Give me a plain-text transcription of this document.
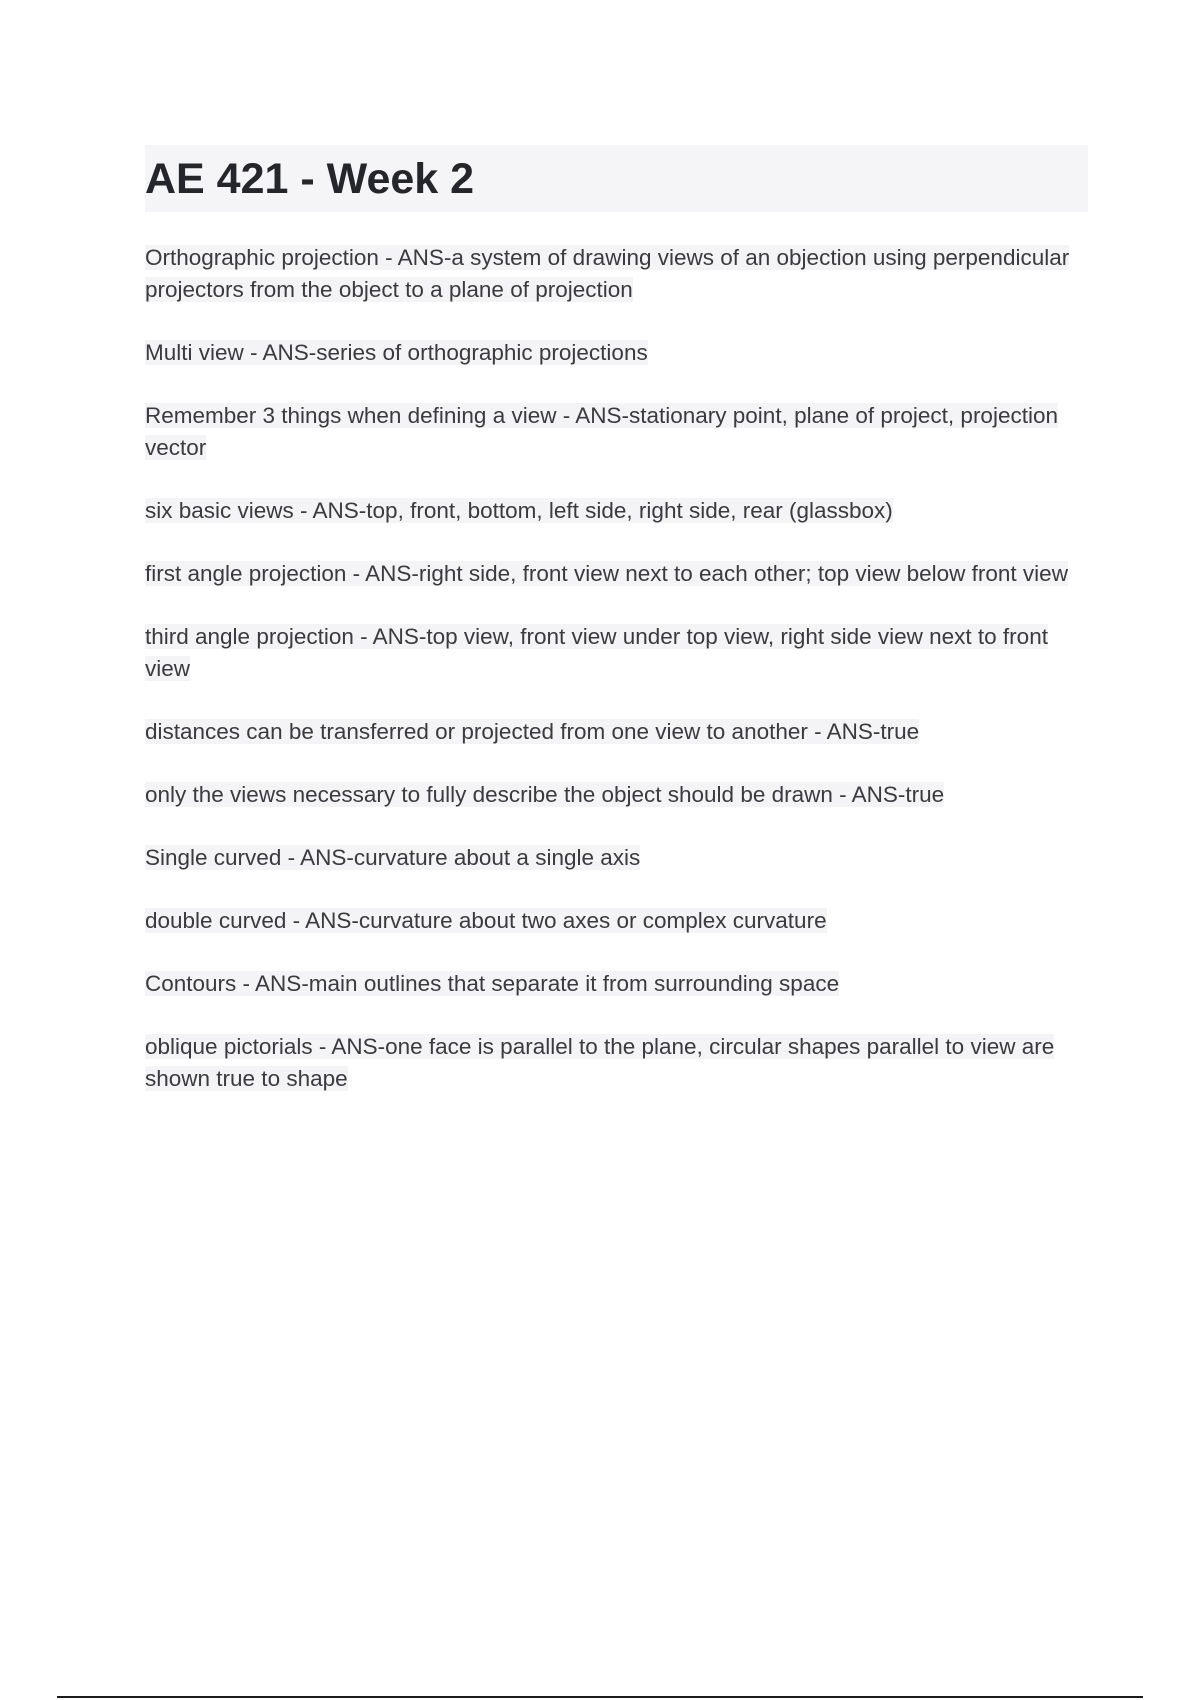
AE 421 - Week 2

Orthographic projection - ANS-a system of drawing views of an objection using perpendicular projectors from the object to a plane of projection

Multi view - ANS-series of orthographic projections

Remember 3 things when defining a view - ANS-stationary point, plane of project, projection vector

six basic views - ANS-top, front, bottom, left side, right side, rear (glassbox)

first angle projection - ANS-right side, front view next to each other; top view below front view

third angle projection - ANS-top view, front view under top view, right side view next to front view

distances can be transferred or projected from one view to another - ANS-true

only the views necessary to fully describe the object should be drawn - ANS-true

Single curved - ANS-curvature about a single axis

double curved - ANS-curvature about two axes or complex curvature

Contours - ANS-main outlines that separate it from surrounding space

oblique pictorials - ANS-one face is parallel to the plane, circular shapes parallel to view are shown true to shape
